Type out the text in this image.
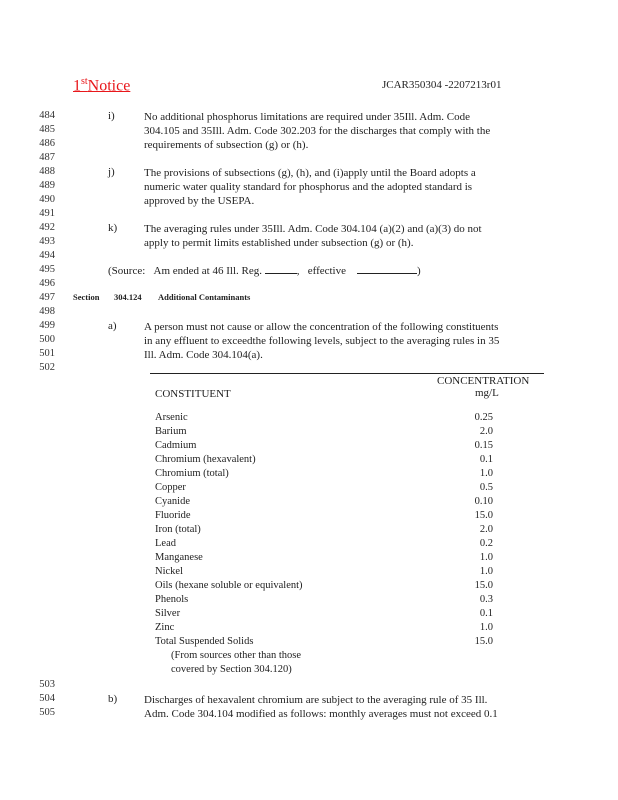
1stNotice	JCAR350304 -2207213r01
484
485
486
487
488
489
490
491
492
493
494
495
496
497
498
499
500
501
502
503
504
505
i)	No additional phosphorus limitations are required under 35Ill. Adm. Code
304.105 and 35Ill. Adm. Code 302.203 for the discharges that comply with the
requirements of subsection (g) or (h).
j)	The provisions of subsections (g), (h), and (i)apply until the Board adopts a
numeric water quality standard for phosphorus and the adopted standard is
approved by the USEPA.
k) The averaging rules under 35Ill. Adm. Code 304.104 (a)(2) and (a)(3) do not
apply to permit limits established under subsection (g) or (h).
(Source: Am ended at 46 Ill. Reg.	, effective	)
Section 304.124 Additional Contaminants
a) A person must not cause or allow the concentration of the following constituents
in any effluent to exceedthe following levels, subject to the averaging rules in 35
Ill. Adm. Code 304.104(a).
CONSTITUENT
CONCENTRATION
mg/L
Arsenic	0.25
Barium	2.0
Cadmium	0.15
Chromium (hexavalent)	0.1
Chromium (total)	1.0
Copper	0.5
Cyanide	0.10
Fluoride	15.0
Iron (total)	2.0
Lead	0.2
Manganese	1.0
Nickel	1.0
Oils (hexane soluble or equivalent)	15.0
Phenols	0.3
Silver	0.1
Zinc	1.0
Total Suspended Solids	15.0
(From sources other than those
covered by Section 304.120)
b) Discharges of hexavalent chromium are subject to the averaging rule of 35 Ill.
Adm. Code 304.104 modified as follows: monthly averages must not exceed 0.1
